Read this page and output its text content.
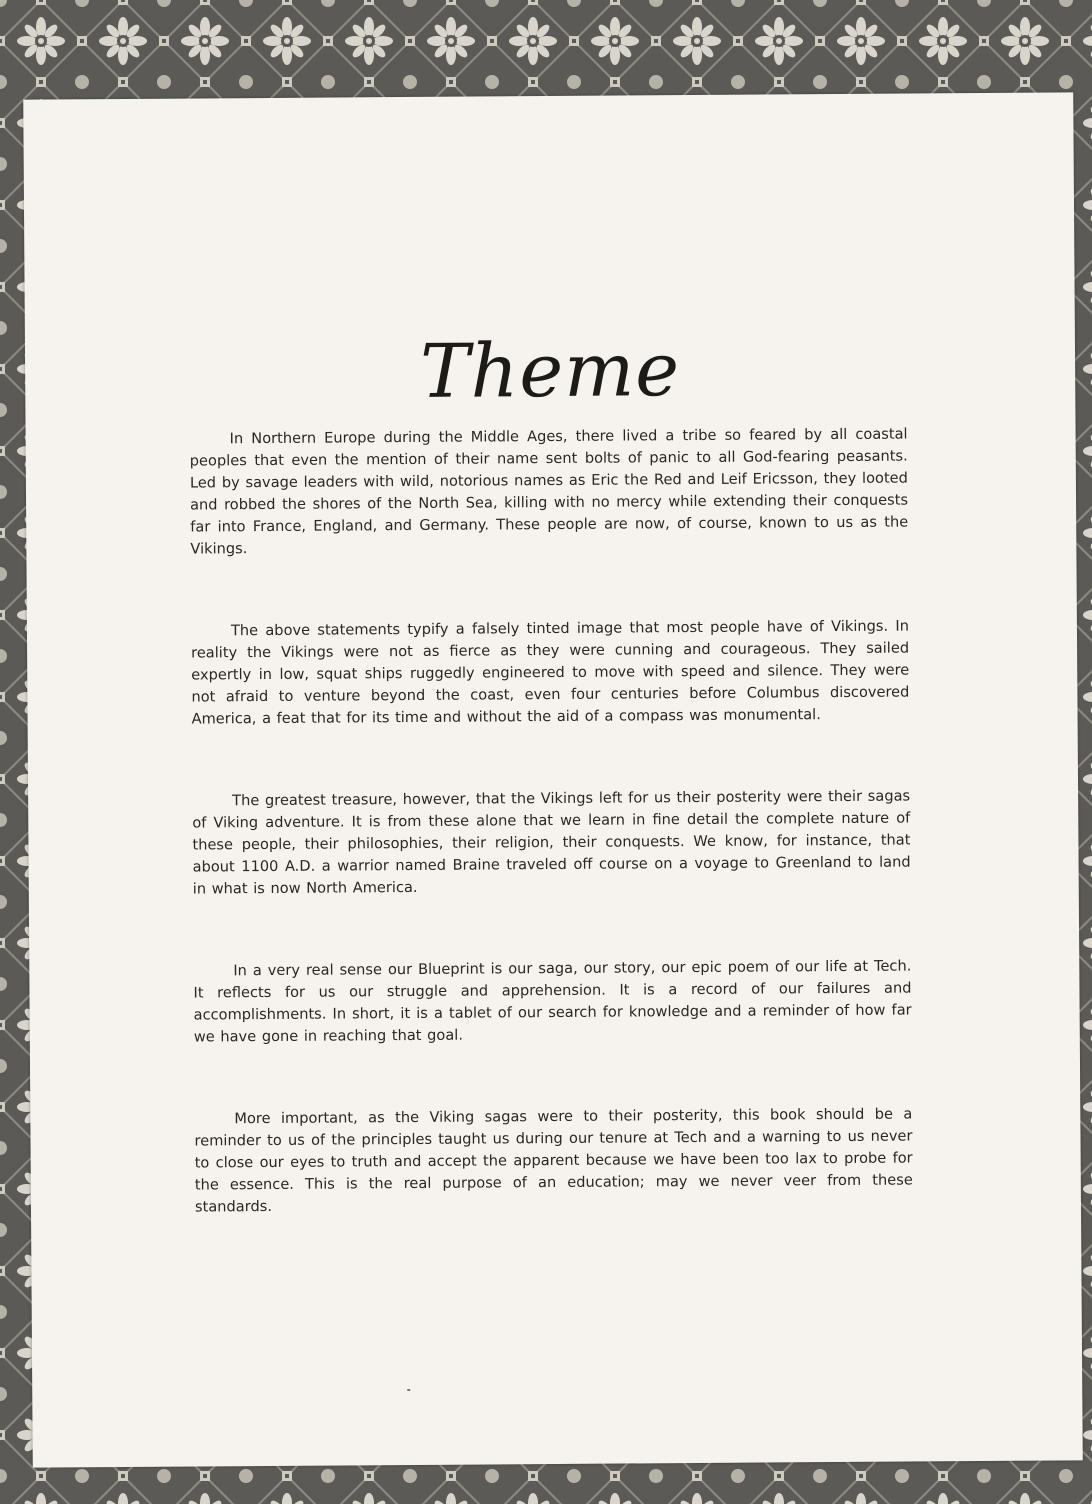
Theme

In Northern Europe during the Middle Ages, there lived a tribe so feared by all coastal peoples that even the mention of their name sent bolts of panic to all God-fearing peasants. Led by savage leaders with wild, notorious names as Eric the Red and Leif Ericsson, they looted and robbed the shores of the North Sea, killing with no mercy while extending their conquests far into France, England, and Germany. These people are now, of course, known to us as the Vikings.

The above statements typify a falsely tinted image that most people have of Vikings. In reality the Vikings were not as fierce as they were cunning and courageous. They sailed expertly in low, squat ships ruggedly engineered to move with speed and silence. They were not afraid to venture beyond the coast, even four centuries before Columbus discovered America, a feat that for its time and without the aid of a compass was monumental.

The greatest treasure, however, that the Vikings left for us their posterity were their sagas of Viking adventure. It is from these alone that we learn in fine detail the complete nature of these people, their philosophies, their religion, their conquests. We know, for instance, that about 1100 A.D. a warrior named Braine traveled off course on a voyage to Greenland to land in what is now North America.

In a very real sense our Blueprint is our saga, our story, our epic poem of our life at Tech. It reflects for us our struggle and apprehension. It is a record of our failures and accomplishments. In short, it is a tablet of our search for knowledge and a reminder of how far we have gone in reaching that goal.

More important, as the Viking sagas were to their posterity, this book should be a reminder to us of the principles taught us during our tenure at Tech and a warning to us never to close our eyes to truth and accept the apparent because we have been too lax to probe for the essence. This is the real purpose of an education; may we never veer from these standards.
